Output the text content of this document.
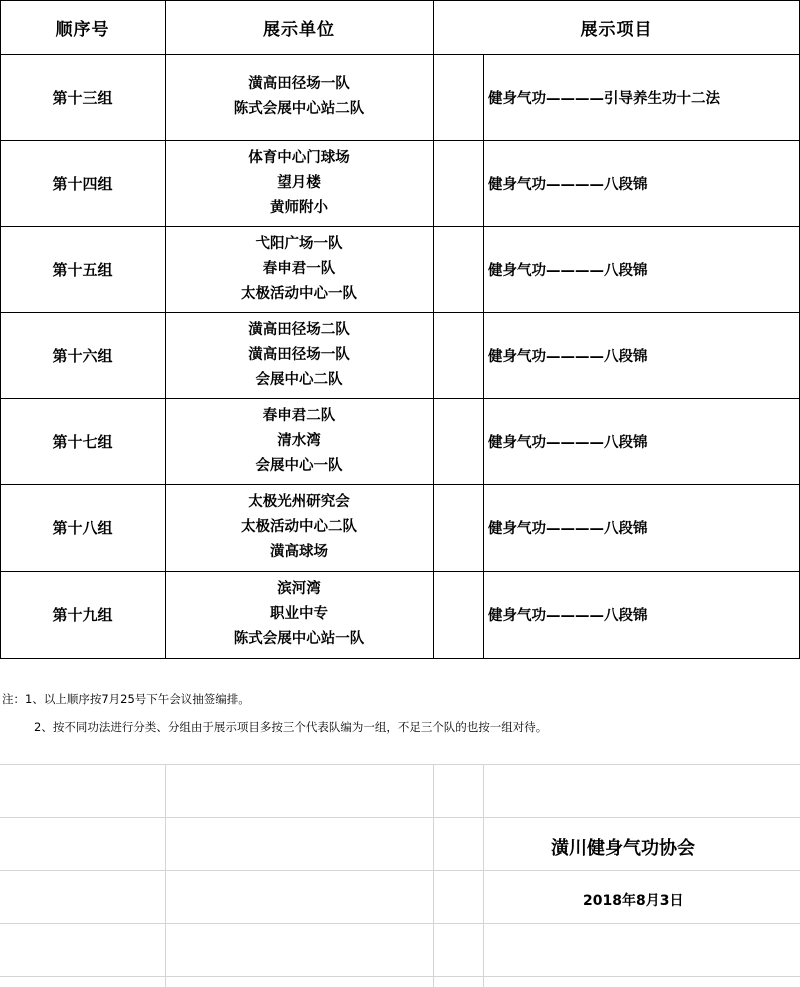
顺序号	展示单位	展示项目
第十三组
潢高田径场一队
陈式会展中心站二队
健身气功————引导养生功十二法
第十四组
体育中心门球场
望月楼
黄师附小
健身气功————八段锦
第十五组
弋阳广场一队
春申君一队
太极活动中心一队
健身气功————八段锦
第十六组
潢高田径场二队
潢高田径场一队
会展中心二队
健身气功————八段锦
第十七组
春申君二队
清水湾
会展中心一队
健身气功————八段锦
第十八组
太极光州研究会
太极活动中心二队
潢高球场
健身气功————八段锦
第十九组
滨河湾
职业中专
陈式会展中心站一队
健身气功————八段锦
注：1、以上顺序按7月25号下午会议抽签编排。
2、按不同功法进行分类、分组由于展示项目多按三个代表队编为一组，不足三个队的也按一组对待。
潢川健身气功协会
2018年8月3日
